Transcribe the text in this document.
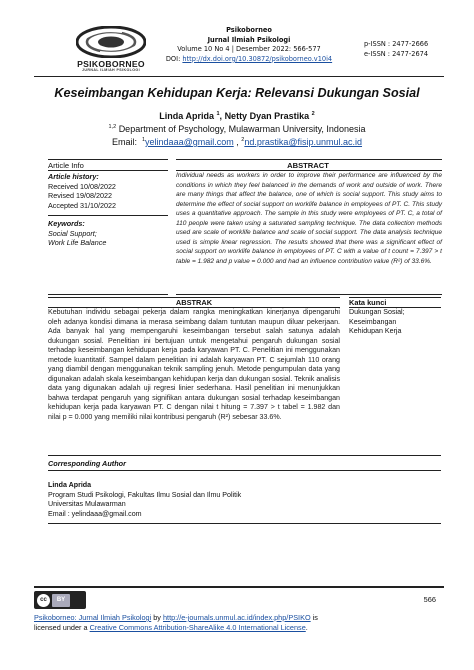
PSIKOBORNEO
JURNAL ILMIAH PSIKOLOGI
Psikoborneo
Jurnal Ilmiah Psikologi
Volume 10 No 4 | Desember 2022: 566-577
DOI: http://dx.doi.org/10.30872/psikoborneo.v10i4
p-ISSN : 2477-2666
e-ISSN : 2477-2674
Keseimbangan Kehidupan Kerja: Relevansi Dukungan Sosial
Linda Aprida $^1$, Netty Dyan Prastika $^2$
$^{1,2}$ Department of Psychology, Mulawarman University, Indonesia
Email: $^1$yelindaaa@gmail.com , $^2$nd.prastika@fisip.unmul.ac.id
Article Info	ABSTRACT
Article history:
Received 10/08/2022
Revised 19/08/2022
Accepted 31/10/2022
Keywords:
Social Support;
Work Life Balance
Individual needs as workers in order to improve their performance are influenced by the conditions in which they feel balanced in the demands of work and outside of work. There are many things that affect the balance, one of which is social support. This study aims to determine the effect of social support on worklife balance in employees of PT. C. This study uses a quantitative approach. The sample in this study were employees of PT. C, a total of 110 people were taken using a saturated sampling technique. The data collection methods used are scale of worklife balance and scale of social support. The data analysis technique used is simple linear regression. The results showed that there was a significant effect of social support on worklife balance in employees of PT. C with a value of t count = 7.397 > t table = 1.982 and p value = 0.000 and had an influence contribution value (R²) of 33.6%.
ABSTRAK	Kata kunci
Kebutuhan individu sebagai pekerja dalam rangka meningkatkan kinerjanya dipengaruhi oleh adanya kondisi dimana ia merasa seimbang dalam tuntutan maupun diluar pekerjaan. Ada banyak hal yang mempengaruhi keseimbangan tersebut salah satunya adalah dukungan sosial. Penelitian ini bertujuan untuk mengetahui pengaruh dukungan sosial terhadap keseimbangan kehidupan kerja pada karyawan PT. C. Penelitian ini menggunakan metode kuantitatif. Sampel dalam penelitian ini adalah karyawan PT. C sejumlah 110 orang yang diambil dengan menggunakan teknik sampling jenuh. Metode pengumpulan data yang digunakan adalah skala keseimbangan kehidupan kerja dan dukungan sosial. Teknik analisis data yang digunakan adalah uji regresi linier sederhana. Hasil penelitian ini menunjukkan bahwa terdapat pengaruh yang signifikan antara dukungan sosial terhadap keseimbangan kehidupan kerja pada karyawan PT. C dengan nilai t hitung = 7.397 > t tabel = 1.982 dan nilai p = 0.000 yang memiliki nilai kontribusi pengaruh (R²) sebesar 33.6%.
Dukungan Sosial;
Keseimbangan
Kehidupan Kerja
Corresponding Author
Linda Aprida
Program Studi Psikologi, Fakultas Ilmu Sosial dan Ilmu Politik
Universitas Mulawarman
Email : yelindaaa@gmail.com
cc	BY	566
Psikoborneo: Jurnal Ilmiah Psikologi by http://e-journals.unmul.ac.id/index.php/PSIKO is
licensed under a Creative Commons Attribution-ShareAlike 4.0 International License.
